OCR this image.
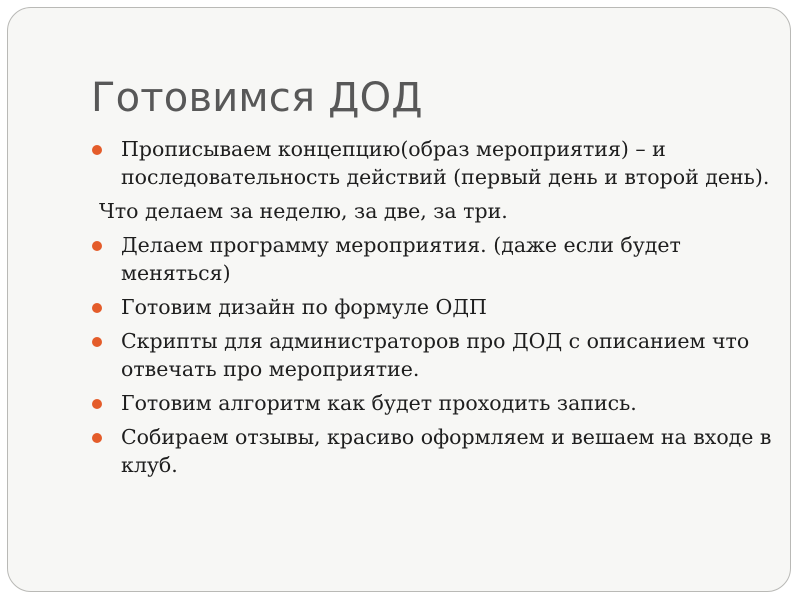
Готовимся ДОД
Прописываем концепцию(образ мероприятия) – и последовательность действий (первый день и второй день).
Что делаем за неделю, за две, за три.
Делаем программу мероприятия. (даже если будет меняться)
Готовим дизайн по формуле ОДП
Скрипты для администраторов про ДОД с описанием что отвечать про мероприятие.
Готовим алгоритм как будет проходить запись.
Собираем отзывы, красиво оформляем и вешаем на входе в клуб.
